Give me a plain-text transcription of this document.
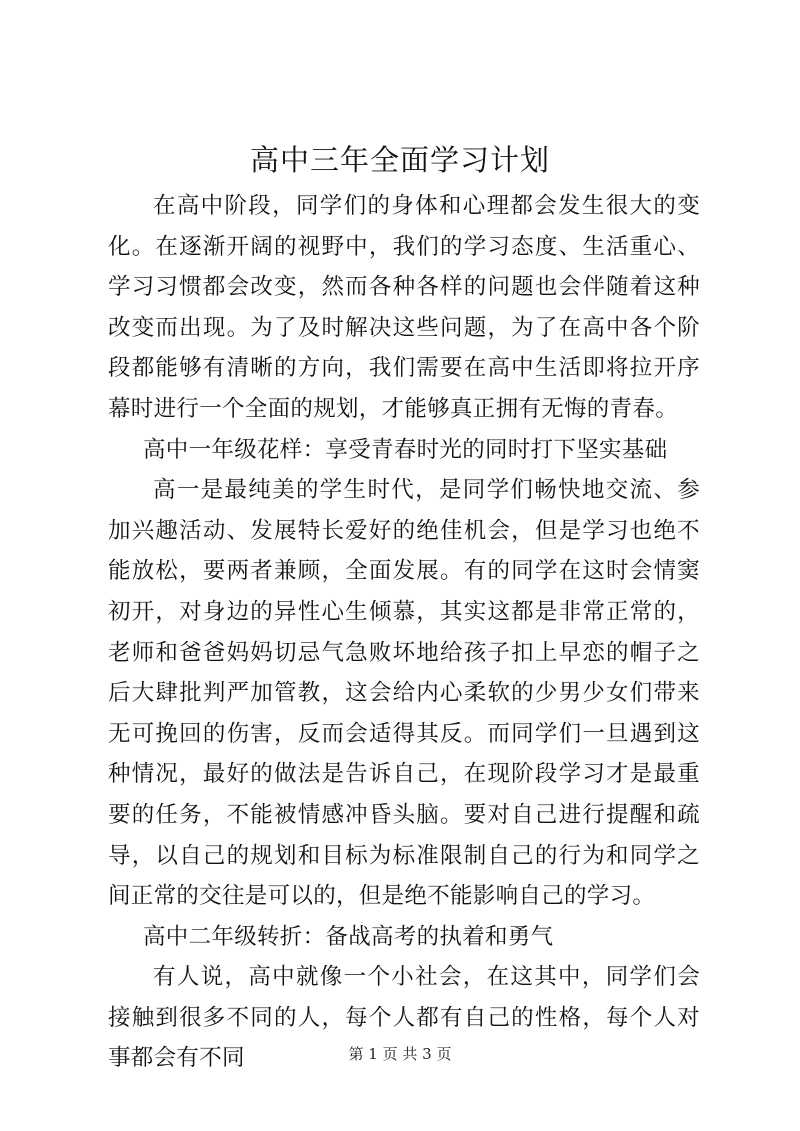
高中三年全面学习计划

在高中阶段，同学们的身体和心理都会发生很大的变化。在逐渐开阔的视野中，我们的学习态度、生活重心、学习习惯都会改变，然而各种各样的问题也会伴随着这种改变而出现。为了及时解决这些问题，为了在高中各个阶段都能够有清晰的方向，我们需要在高中生活即将拉开序幕时进行一个全面的规划，才能够真正拥有无悔的青春。

高中一年级花样：享受青春时光的同时打下坚实基础

高一是最纯美的学生时代，是同学们畅快地交流、参加兴趣活动、发展特长爱好的绝佳机会，但是学习也绝不能放松，要两者兼顾，全面发展。有的同学在这时会情窦初开，对身边的异性心生倾慕，其实这都是非常正常的，老师和爸爸妈妈切忌气急败坏地给孩子扣上早恋的帽子之后大肆批判严加管教，这会给内心柔软的少男少女们带来无可挽回的伤害，反而会适得其反。而同学们一旦遇到这种情况，最好的做法是告诉自己，在现阶段学习才是最重要的任务，不能被情感冲昏头脑。要对自己进行提醒和疏导，以自己的规划和目标为标准限制自己的行为和同学之间正常的交往是可以的，但是绝不能影响自己的学习。

高中二年级转折：备战高考的执着和勇气

有人说，高中就像一个小社会，在这其中，同学们会接触到很多不同的人，每个人都有自己的性格，每个人对事都会有不同	第 1 页 共 3 页
